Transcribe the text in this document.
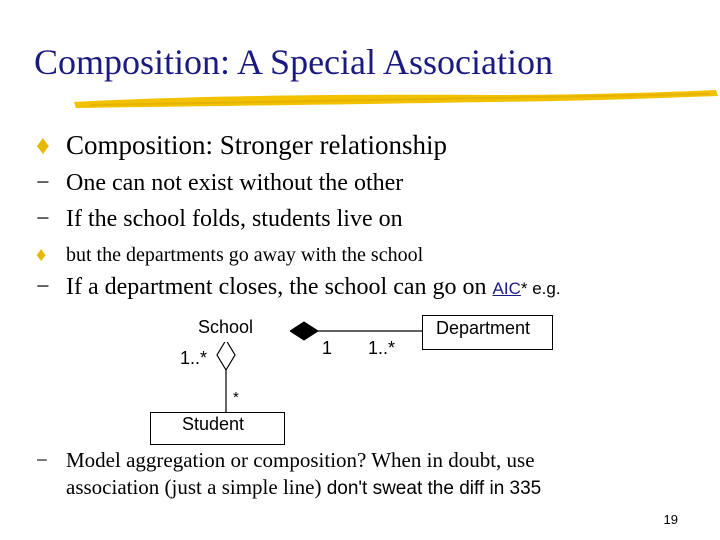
Composition: A Special Association
♦ Composition: Stronger relationship
− One can not exist without the other
− If the school folds, students live on
♦ but the departments go away with the school
− If a department closes, the school can go on AIC* e.g.
School
1..*
Department
1 1..*
*
Student
− Model aggregation or composition? When in doubt, use
association (just a simple line) don't sweat the diff in 335
19
